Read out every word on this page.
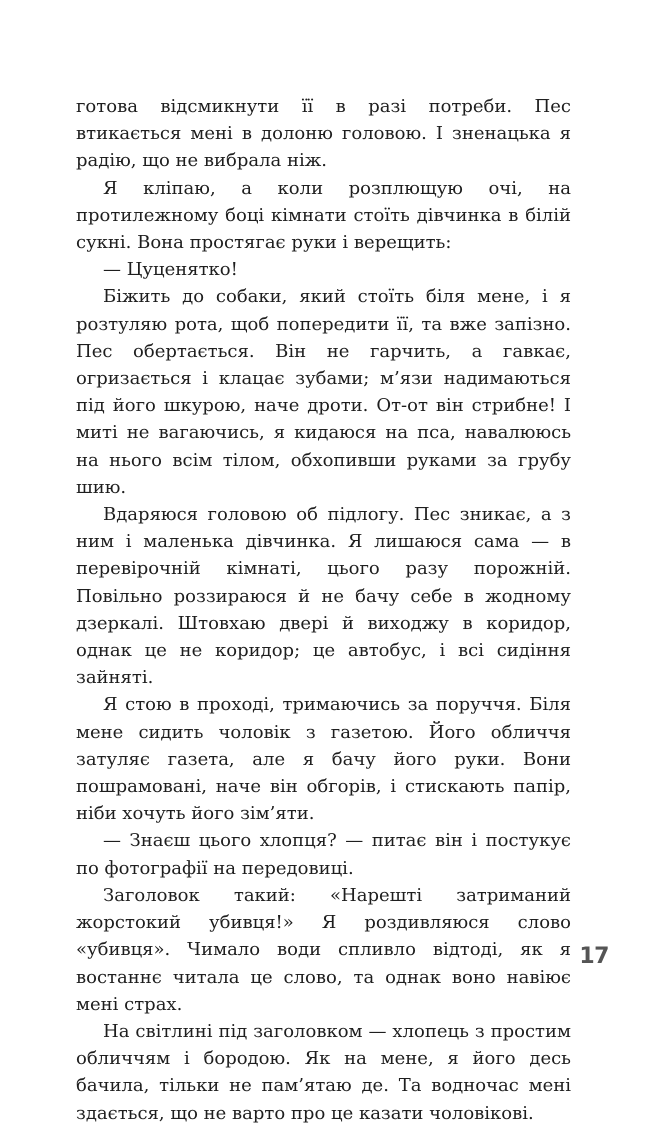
готова відсмикнути її в разі потреби. Пес втикається мені в долоню головою. І зненацька я радію, що не вибрала ніж.

Я кліпаю, а коли розплющую очі, на протилежному боці кімнати стоїть дівчинка в білій сукні. Вона простягає руки і верещить:

— Цуценятко!

Біжить до собаки, який стоїть біля мене, і я розтуляю рота, щоб попередити її, та вже запізно. Пес обертається. Він не гарчить, а гавкає, огризається і клацає зубами; м’язи надимаються під його шкурою, наче дроти. От-от він стрибне! І миті не вагаючись, я кидаюся на пса, навалююсь на нього всім тілом, обхопивши руками за грубу шию.

Вдаряюся головою об підлогу. Пес зникає, а з ним і маленька дівчинка. Я лишаюся сама — в перевірочній кімнаті, цього разу порожній. Повільно роззираюся й не бачу себе в жодному дзеркалі. Штовхаю двері й виходжу в коридор, однак це не коридор; це автобус, і всі сидіння зайняті.

Я стою в проході, тримаючись за поруччя. Біля мене сидить чоловік з газетою. Його обличчя затуляє газета, але я бачу його руки. Вони пошрамовані, наче він обгорів, і стискають папір, ніби хочуть його зім’яти.

— Знаєш цього хлопця? — питає він і постукує по фотографії на передовиці.

Заголовок такий: «Нарешті затриманий жорстокий убивця!» Я роздивляюся слово «убивця». Чимало води спливло відтоді, як я востаннє читала це слово, та однак воно навіює мені страх.

На світлині під заголовком — хлопець з простим обличчям і бородою. Як на мене, я його десь бачила, тільки не пам’ятаю де. Та водночас мені здається, що не варто про це казати чоловікові.

17
